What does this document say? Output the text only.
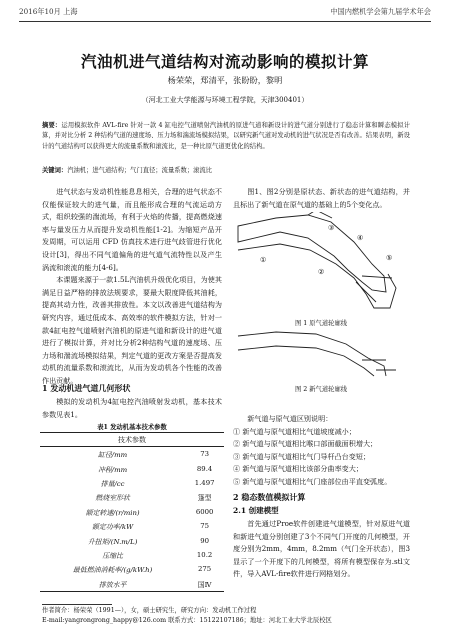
2016年10月 上海	中国内燃机学会第九届学术年会
汽油机进气道结构对流动影响的模拟计算
杨荣荣，郑清平，张盼盼，黎明
（河北工业大学能源与环境工程学院，天津300401）
摘要：运用模拟软件 AVL-fire 针对一款 4 缸电控气道喷射汽油机的原进气道和新设计的进气道分别进行了稳态计算和瞬态模拟计算，并对比分析 2 种结构气道的速度场、压力场和湍流场模拟结果，以研究新气道对发动机的进气状况是否有改善。结果表明，新设计的气道结构可以获得更大的流量系数和滚流比，是一种比原气道更优化的结构。
关键词：汽油机；进气道结构；气门直径；流量系数；滚流比

进气状态与发动机性能息息相关，合理的进气状态不仅能保证较大的进气量，而且能形成合理的气流运动方式，组织较强的湍流场，有利于火焰的传播，提高燃烧速率与量发压力从而提升发动机性能[1-2]。为缩短产品开发周期，可以运用 CFD 仿真技术进行进气歧管进行优化设计[3]，得出不同气道偏角的进气道气流特性以及产生涡流和滚流的能力[4-6]。

本课题来源于一款1.5L汽油机升级优化项目，为使其满足日益严格的排放法规要求，要最大限度降低其油耗，提高其动力性，改善其排放性。本文以改善进气道结构为研究内容，通过低成本、高效率的软件模拟方法，针对一款4缸电控气道喷射汽油机的原进气道和新设计的进气道进行了模拟计算，并对比分析2种结构气道的速度场、压力场和湍流场模拟结果，判定气道的更改方案是否提高发动机的流量系数和滚流比，从而为发动机各个性能的改善作出贡献。

1 发动机进气道几何形状

模拟的发动机为4缸电控汽油喷射发动机，基本技术参数见表1。

表1 发动机基本技术参数
技术参数	
缸径/mm	73
冲程/mm	89.4
排量/cc	1.497
燃烧室形状	篷型
额定转速/(r/min)	6000
额定功率/kW	75
升扭矩/(N.m/L)	90
压缩比	10.2
最低燃油消耗率/(g/kW.h)	275
排放水平	国Ⅳ

图1、图2分别是原状态、新状态的进气道结构，并且标出了新气道在原气道的基础上的5个变化点。

③
④
⑤
①
②
图 1 原气道轮廓线
图 2 新气道轮廓线
新气道与原气道区别说明：
① 新气道与原气道相比气道坡度减小；
② 新气道与原气道相比喉口部面截面积增大；
③ 新气道与原气道相比气门导杆凸台变短；
④ 新气道与原气道相比该部分曲率变大；
⑤ 新气道与原气道相比气门座部位由平直变弧度。
2 稳态数值模拟计算
2.1 创建模型

首先通过Proe软件创建进气道模型，针对原进气道和新进气道分别创建了3个不同气门开度的几何模型，开度分别为2mm，4mm，8.2mm（气门全开状态），图3显示了一个开度下的几何模型，将所有模型保存为.stl文件，导入AVL-fire软件进行网格划分。

作者简介：杨荣荣（1991—），女，硕士研究生，研究方向：发动机工作过程
E-mail:yangrongrong_happy@126.com 联系方式：15122107186；地址：河北工业大学北辰校区
